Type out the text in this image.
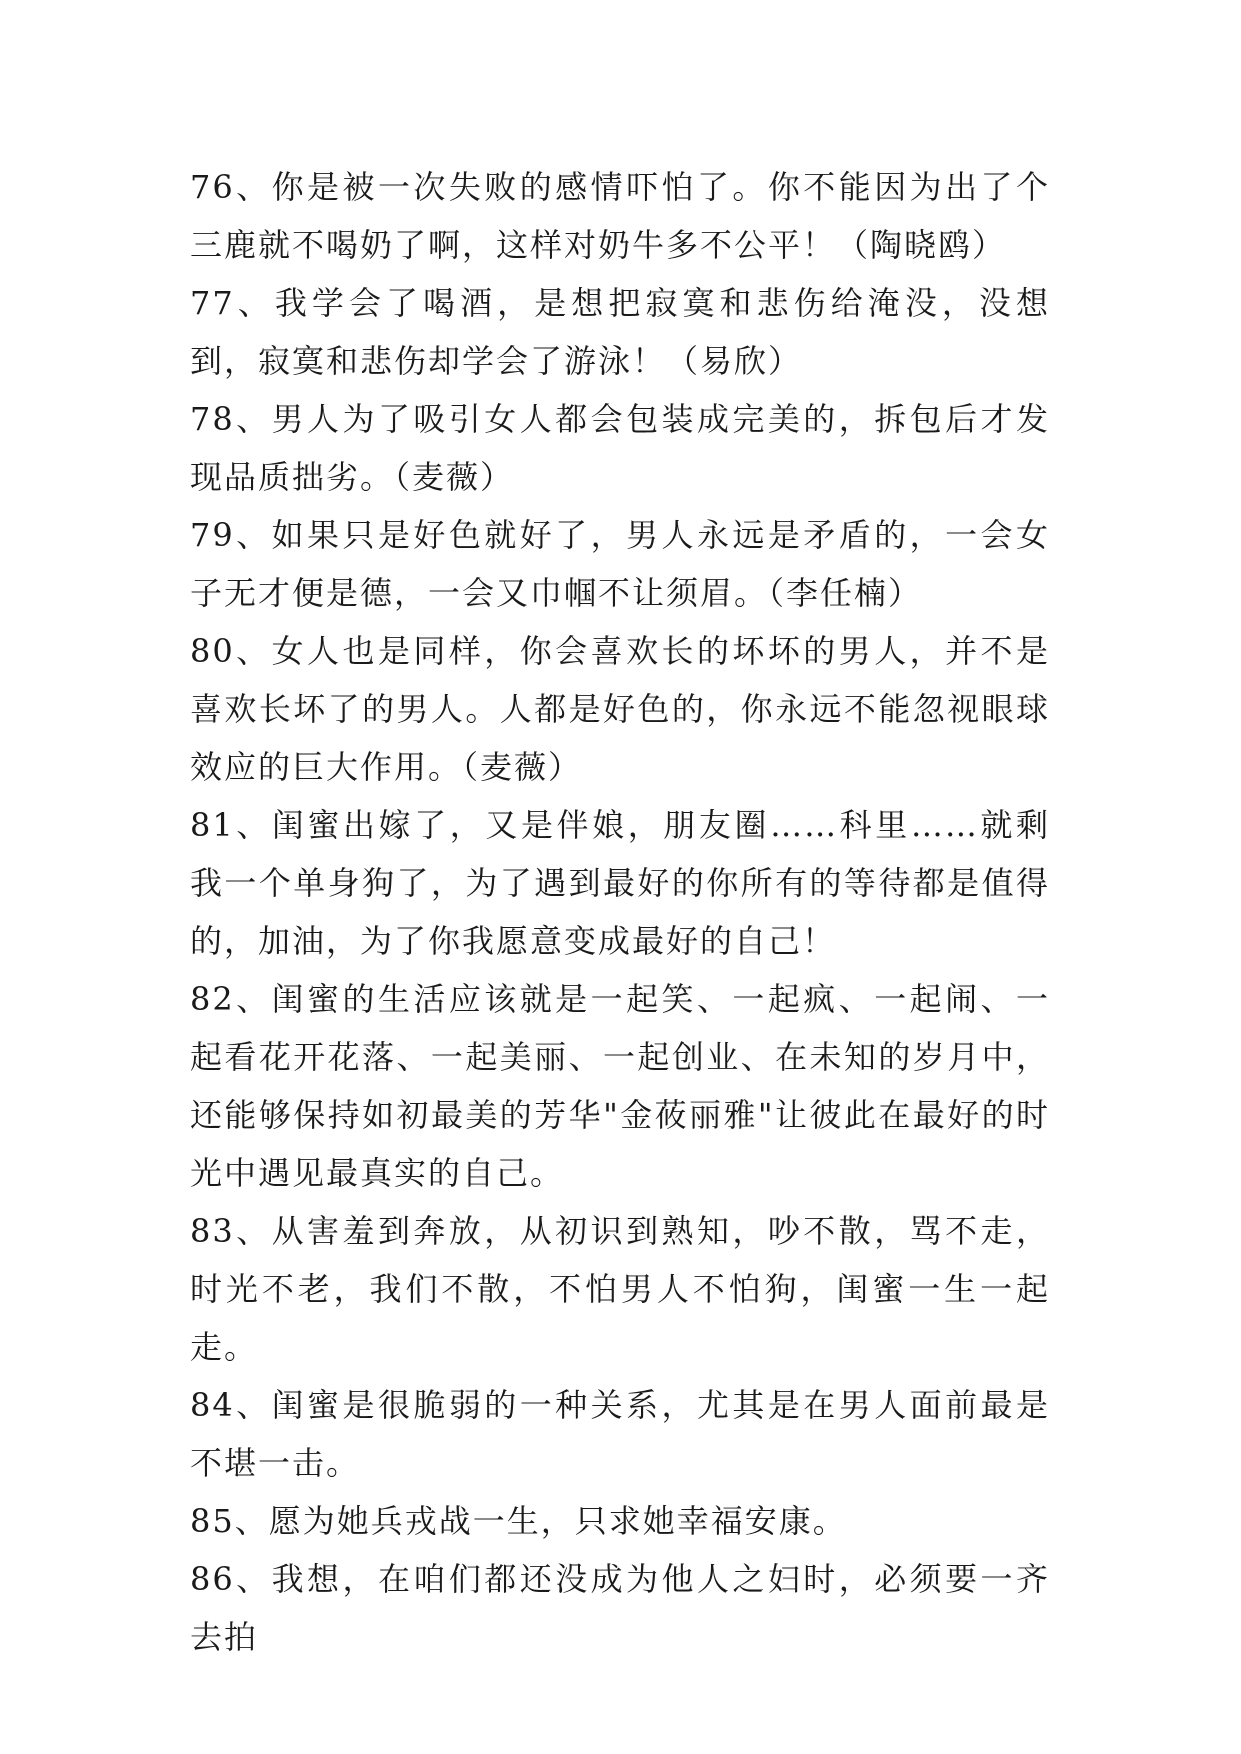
76、你是被一次失败的感情吓怕了。你不能因为出了个三鹿就不喝奶了啊，这样对奶牛多不公平！（陶晓鸥）

77、我学会了喝酒，是想把寂寞和悲伤给淹没，没想到，寂寞和悲伤却学会了游泳！（易欣）

78、男人为了吸引女人都会包装成完美的，拆包后才发现品质拙劣。（麦薇）

79、如果只是好色就好了，男人永远是矛盾的，一会女子无才便是德，一会又巾帼不让须眉。（李任楠）

80、女人也是同样，你会喜欢长的坏坏的男人，并不是喜欢长坏了的男人。人都是好色的，你永远不能忽视眼球效应的巨大作用。（麦薇）

81、闺蜜出嫁了，又是伴娘，朋友圈……科里……就剩我一个单身狗了，为了遇到最好的你所有的等待都是值得的，加油，为了你我愿意变成最好的自己！

82、闺蜜的生活应该就是一起笑、一起疯、一起闹、一起看花开花落、一起美丽、一起创业、在未知的岁月中，还能够保持如初最美的芳华"金莜丽雅"让彼此在最好的时光中遇见最真实的自己。

83、从害羞到奔放，从初识到熟知，吵不散，骂不走，时光不老，我们不散，不怕男人不怕狗，闺蜜一生一起走。

84、闺蜜是很脆弱的一种关系，尤其是在男人面前最是不堪一击。

85、愿为她兵戎战一生，只求她幸福安康。

86、我想，在咱们都还没成为他人之妇时，必须要一齐去拍
